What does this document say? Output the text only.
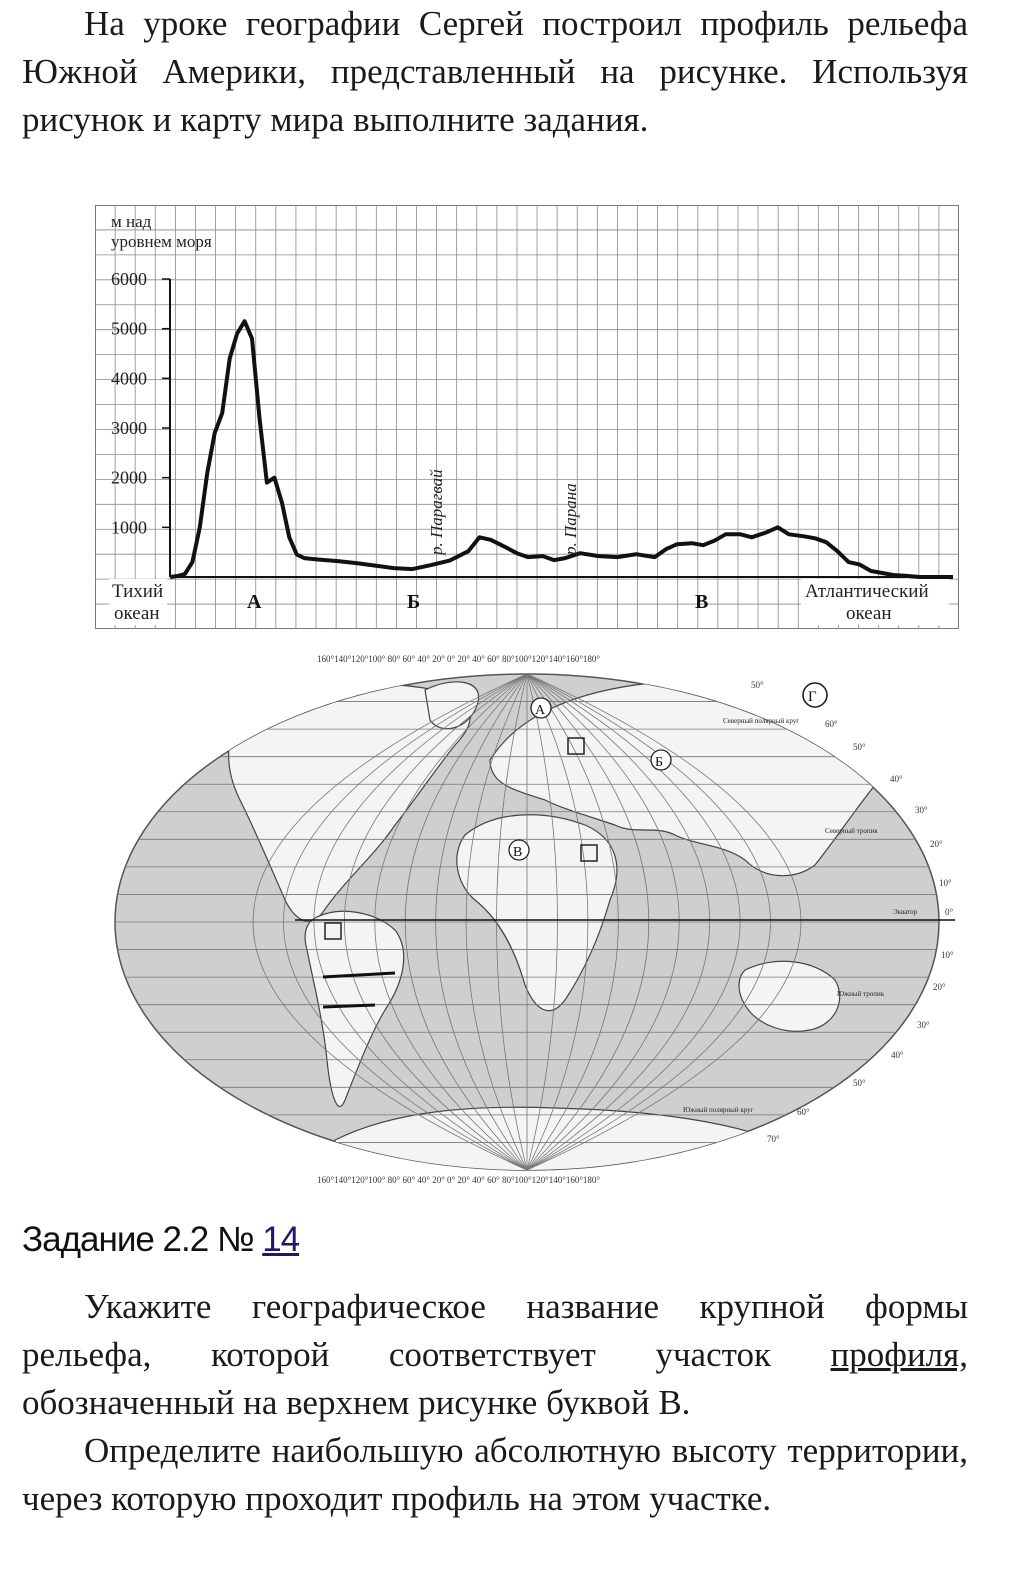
На уроке географии Сергей построил профиль рельефа Южной Америки, представленный на рисунке. Используя рисунок и карту мира выполните задания.
м над
уровнем моря
1000
2000
3000
4000
5000
6000
р. Парагвай	р. Парана
Тихий
океан
Атлантический
океан
А	Б	В
160°140°120°100° 80° 60° 40° 20° 0° 20° 40° 60° 80°100°120°140°160°180°
А
Б
В
Г
50°
60°
50°
40°
30°
20°
10°
0°
10°
20°
30°
40°
50°
60°
70°
Северный полярный круг
Северный тропик
Экватор
Южный тропик
Южный полярный круг
160°140°120°100° 80° 60° 40° 20° 0° 20° 40° 60° 80°100°120°140°160°180°
Задание 2.2 № 14
Укажите географическое название крупной формы рельефа, которой соответствует участок профиля, обозначенный на верхнем рисунке буквой В.
Определите наибольшую абсолютную высоту территории, через которую проходит профиль на этом участке.
